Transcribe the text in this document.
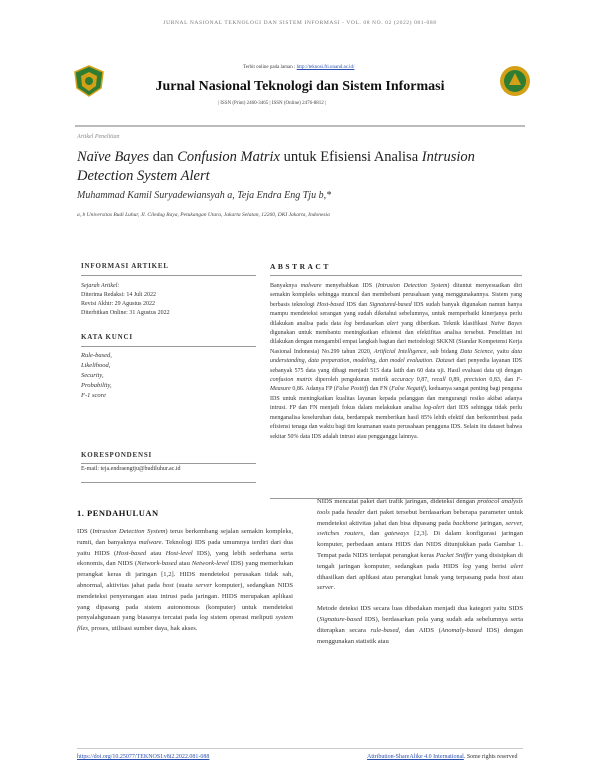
JURNAL NASIONAL TEKNOLOGI DAN SISTEM INFORMASI - VOL. 08 NO. 02 (2022) 081-088
Terbit online pada laman : http://teknosi.fti.unand.ac.id/
Jurnal Nasional Teknologi dan Sistem Informasi
| ISSN (Print) 2460-3465 | ISSN (Online) 2476-8812 |
Artikel Penelitian
Naïve Bayes dan Confusion Matrix untuk Efisiensi Analisa Intrusion Detection System Alert
Muhammad Kamil Suryadewiansyah a, Teja Endra Eng Tju b,*
a, b Universitas Budi Luhur, Jl. Ciledug Raya, Petukangan Utara, Jakarta Selatan, 12260, DKI Jakarta, Indonesia
INFORMASI ARTIKEL
Sejarah Artikel:
Diterima Redaksi: 14 Juli 2022
Revisi Akhir: 29 Agustus 2022
Diterbitkan Online: 31 Agustus 2022
KATA KUNCI
Rule-based,
Likelihood,
Security,
Probability,
F-1 score
KORESPONDENSI
E-mail: teja.endraengtju@budiluhur.ac.id
ABSTRACT
Banyaknya malware menyebabkan IDS (Intrusion Detection System) dituntut menyesuaikan diri semakin kompleks sehingga muncul dan membebani perusahaan yang menggunakannya. Sistem yang berbasis teknologi Host-based IDS dan Signatured-based IDS sudah banyak digunakan namun hanya mampu mendeteksi serangan yang sudah diketahui sebelumnya, untuk memperbaiki kinerjanya perlu dilakukan analisa pada data log berdasarkan alert yang diberikan. Teknik klasifikasi Naïve Bayes digunakan untuk membantu meningkatkan efisiensi dan efektifitas analisa tersebut. Penelitian ini dilakukan dengan mengambil empat langkah bagian dari metodologi SKKNI (Standar Kompetensi Kerja Nasional Indonesia) No.299 tahun 2020, Artificial Intelligence, sub bidang Data Science, yaitu data understanding, data preparation, modeling, dan model evaluation. Dataset dari penyedia layanan IDS sebanyak 575 data yang dibagi menjadi 515 data latih dan 60 data uji. Hasil evaluasi data uji dengan confusion matrix diperoleh pengukuran metrik accuracy 0,87, recall 0,89, precision 0,83, dan F-Measure 0,86. Adanya FP (False Positif) dan FN (False Negatif), keduanya sangat penting bagi penguna IDS untuk meningkatkan kualitas layanan kepada pelanggan dan mengurangi resiko akibat adanya intrusi. FP dan FN menjadi fokus dalam melakukan analisa log-alert dari IDS sehingga tidak perlu menganalisa keseluruhan data, berdampak memberikan hasil 85% lebih efektif dan berkontribusi pada efisiensi tenaga dan waktu bagi tim keamanan suatu perusahaan pengguna IDS. Selain itu dataset bahwa sekitar 50% data IDS adalah intrusi atau pengganggu lainnya.
1. PENDAHULUAN

IDS (Intrusion Detection System) terus berkembang sejalan semakin kompleks, rumit, dan banyaknya malware. Teknologi IDS pada umumnya terdiri dari dua yaitu HIDS (Host-based atau Host-level IDS), yang lebih sederhana serta ekonomis, dan NIDS (Network-based atau Network-level IDS) yang memerlukan perangkat keras di jaringan [1,2]. HIDS mendeteksi perusakan tidak sah, abnormal, aktivitas jahat pada host (suatu server komputer), sedangkan NIDS mendeteksi penyerangan atau intrusi pada jaringan. HIDS merupakan aplikasi yang dipasang pada sistem autonomous (komputer) untuk mendeteksi penyalahgunaan yang biasanya tercatat pada log sistem operasi meliputi system files, proses, utilisasi sumber daya, hak akses.

NIDS mencatat paket dari trafik jaringan, dideteksi dengan protocol analysis tools pada header dari paket tersebut berdasarkan beberapa parameter untuk mendeteksi aktivitas jahat dan bisa dipasang pada backbone jaringan, server, switches routers, dan gateways [2,3]. Di dalam konfigurasi jaringan komputer, perbedaan antara HIDS dan NIDS ditunjukkan pada Gambar 1. Tempat pada NIDS terdapat perangkat keras Packet Sniffer yang disisipkan di tengah jaringan komputer, sedangkan pada HIDS log yang berisi alert dihasilkan dari aplikasi atau perangkat lunak yang terpasang pada host atau server.

Metode deteksi IDS secara luas dibedakan menjadi dua kategori yaitu SIDS (Signature-based IDS), berdasarkan pola yang sudah ada sebelumnya serta diterapkan secara rule-based, dan AIDS (Anomaly-based IDS) dengan menggunakan statistik atau

https://doi.org/10.25077/TEKNOSI.v8i2.2022.081-088	Attribution-ShareAlike 4.0 International. Some rights reserved
